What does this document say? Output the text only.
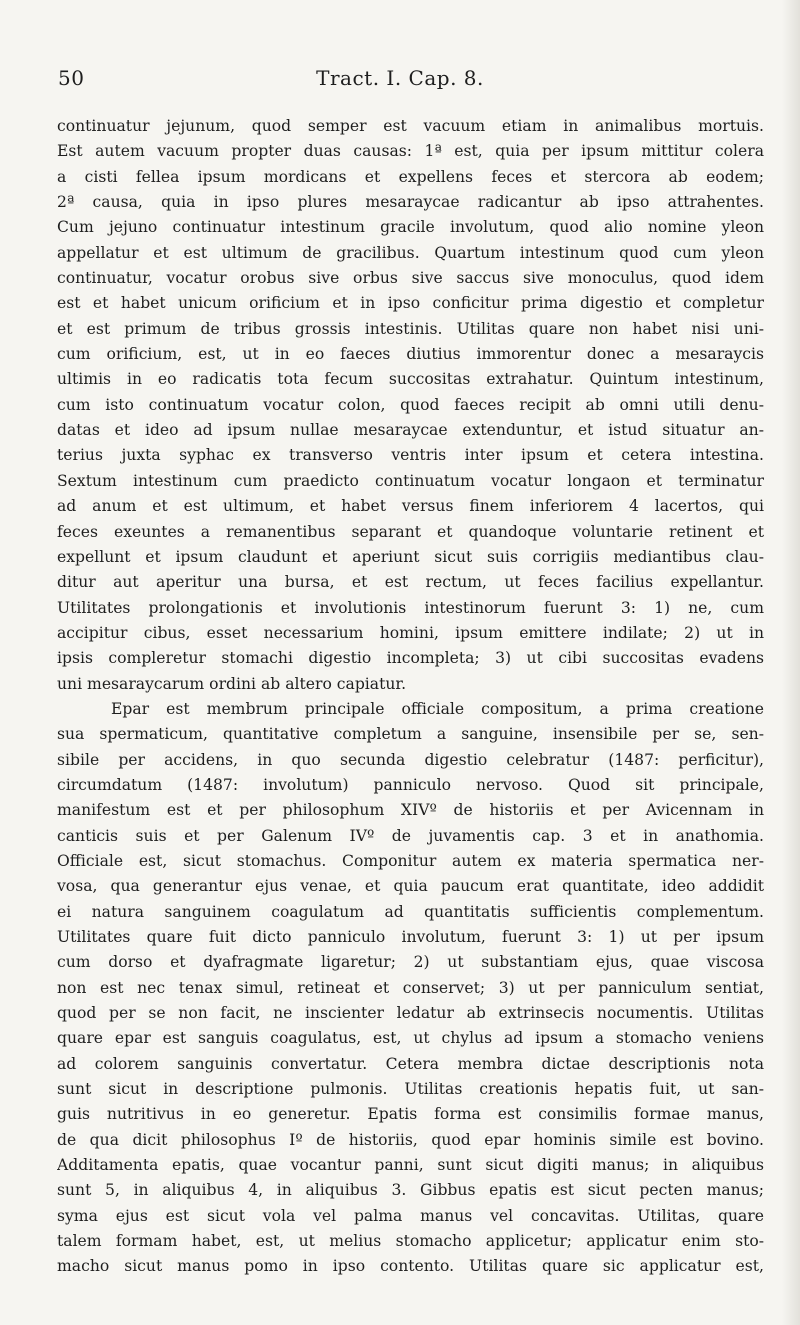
50	Tract. I. Cap. 8.
continuatur jejunum, quod semper est vacuum etiam in animalibus mortuis.
Est autem vacuum propter duas causas: 1ª est, quia per ipsum mittitur colera
a cisti fellea ipsum mordicans et expellens feces et stercora ab eodem;
2ª causa, quia in ipso plures mesaraycae radicantur ab ipso attrahentes.
Cum jejuno continuatur intestinum gracile involutum, quod alio nomine yleon
appellatur et est ultimum de gracilibus. Quartum intestinum quod cum yleon
continuatur, vocatur orobus sive orbus sive saccus sive monoculus, quod idem
est et habet unicum orificium et in ipso conficitur prima digestio et completur
et est primum de tribus grossis intestinis. Utilitas quare non habet nisi uni-
cum orificium, est, ut in eo faeces diutius immorentur donec a mesaraycis
ultimis in eo radicatis tota fecum succositas extrahatur. Quintum intestinum,
cum isto continuatum vocatur colon, quod faeces recipit ab omni utili denu-
datas et ideo ad ipsum nullae mesaraycae extenduntur, et istud situatur an-
terius juxta syphac ex transverso ventris inter ipsum et cetera intestina.
Sextum intestinum cum praedicto continuatum vocatur longaon et terminatur
ad anum et est ultimum, et habet versus finem inferiorem 4 lacertos, qui
feces exeuntes a remanentibus separant et quandoque voluntarie retinent et
expellunt et ipsum claudunt et aperiunt sicut suis corrigiis mediantibus clau-
ditur aut aperitur una bursa, et est rectum, ut feces facilius expellantur.
Utilitates prolongationis et involutionis intestinorum fuerunt 3: 1) ne, cum
accipitur cibus, esset necessarium homini, ipsum emittere indilate; 2) ut in
ipsis compleretur stomachi digestio incompleta; 3) ut cibi succositas evadens
uni mesaraycarum ordini ab altero capiatur.
Epar est membrum principale officiale compositum, a prima creatione
sua spermaticum, quantitative completum a sanguine, insensibile per se, sen-
sibile per accidens, in quo secunda digestio celebratur (1487: perficitur),
circumdatum (1487: involutum) panniculo nervoso. Quod sit principale,
manifestum est et per philosophum XIVº de historiis et per Avicennam in
canticis suis et per Galenum IVº de juvamentis cap. 3 et in anathomia.
Officiale est, sicut stomachus. Componitur autem ex materia spermatica ner-
vosa, qua generantur ejus venae, et quia paucum erat quantitate, ideo addidit
ei natura sanguinem coagulatum ad quantitatis sufficientis complementum.
Utilitates quare fuit dicto panniculo involutum, fuerunt 3: 1) ut per ipsum
cum dorso et dyafragmate ligaretur; 2) ut substantiam ejus, quae viscosa
non est nec tenax simul, retineat et conservet; 3) ut per panniculum sentiat,
quod per se non facit, ne inscienter ledatur ab extrinsecis nocumentis. Utilitas
quare epar est sanguis coagulatus, est, ut chylus ad ipsum a stomacho veniens
ad colorem sanguinis convertatur. Cetera membra dictae descriptionis nota
sunt sicut in descriptione pulmonis. Utilitas creationis hepatis fuit, ut san-
guis nutritivus in eo generetur. Epatis forma est consimilis formae manus,
de qua dicit philosophus Iº de historiis, quod epar hominis simile est bovino.
Additamenta epatis, quae vocantur panni, sunt sicut digiti manus; in aliquibus
sunt 5, in aliquibus 4, in aliquibus 3. Gibbus epatis est sicut pecten manus;
syma ejus est sicut vola vel palma manus vel concavitas. Utilitas, quare
talem formam habet, est, ut melius stomacho applicetur; applicatur enim sto-
macho sicut manus pomo in ipso contento. Utilitas quare sic applicatur est,
